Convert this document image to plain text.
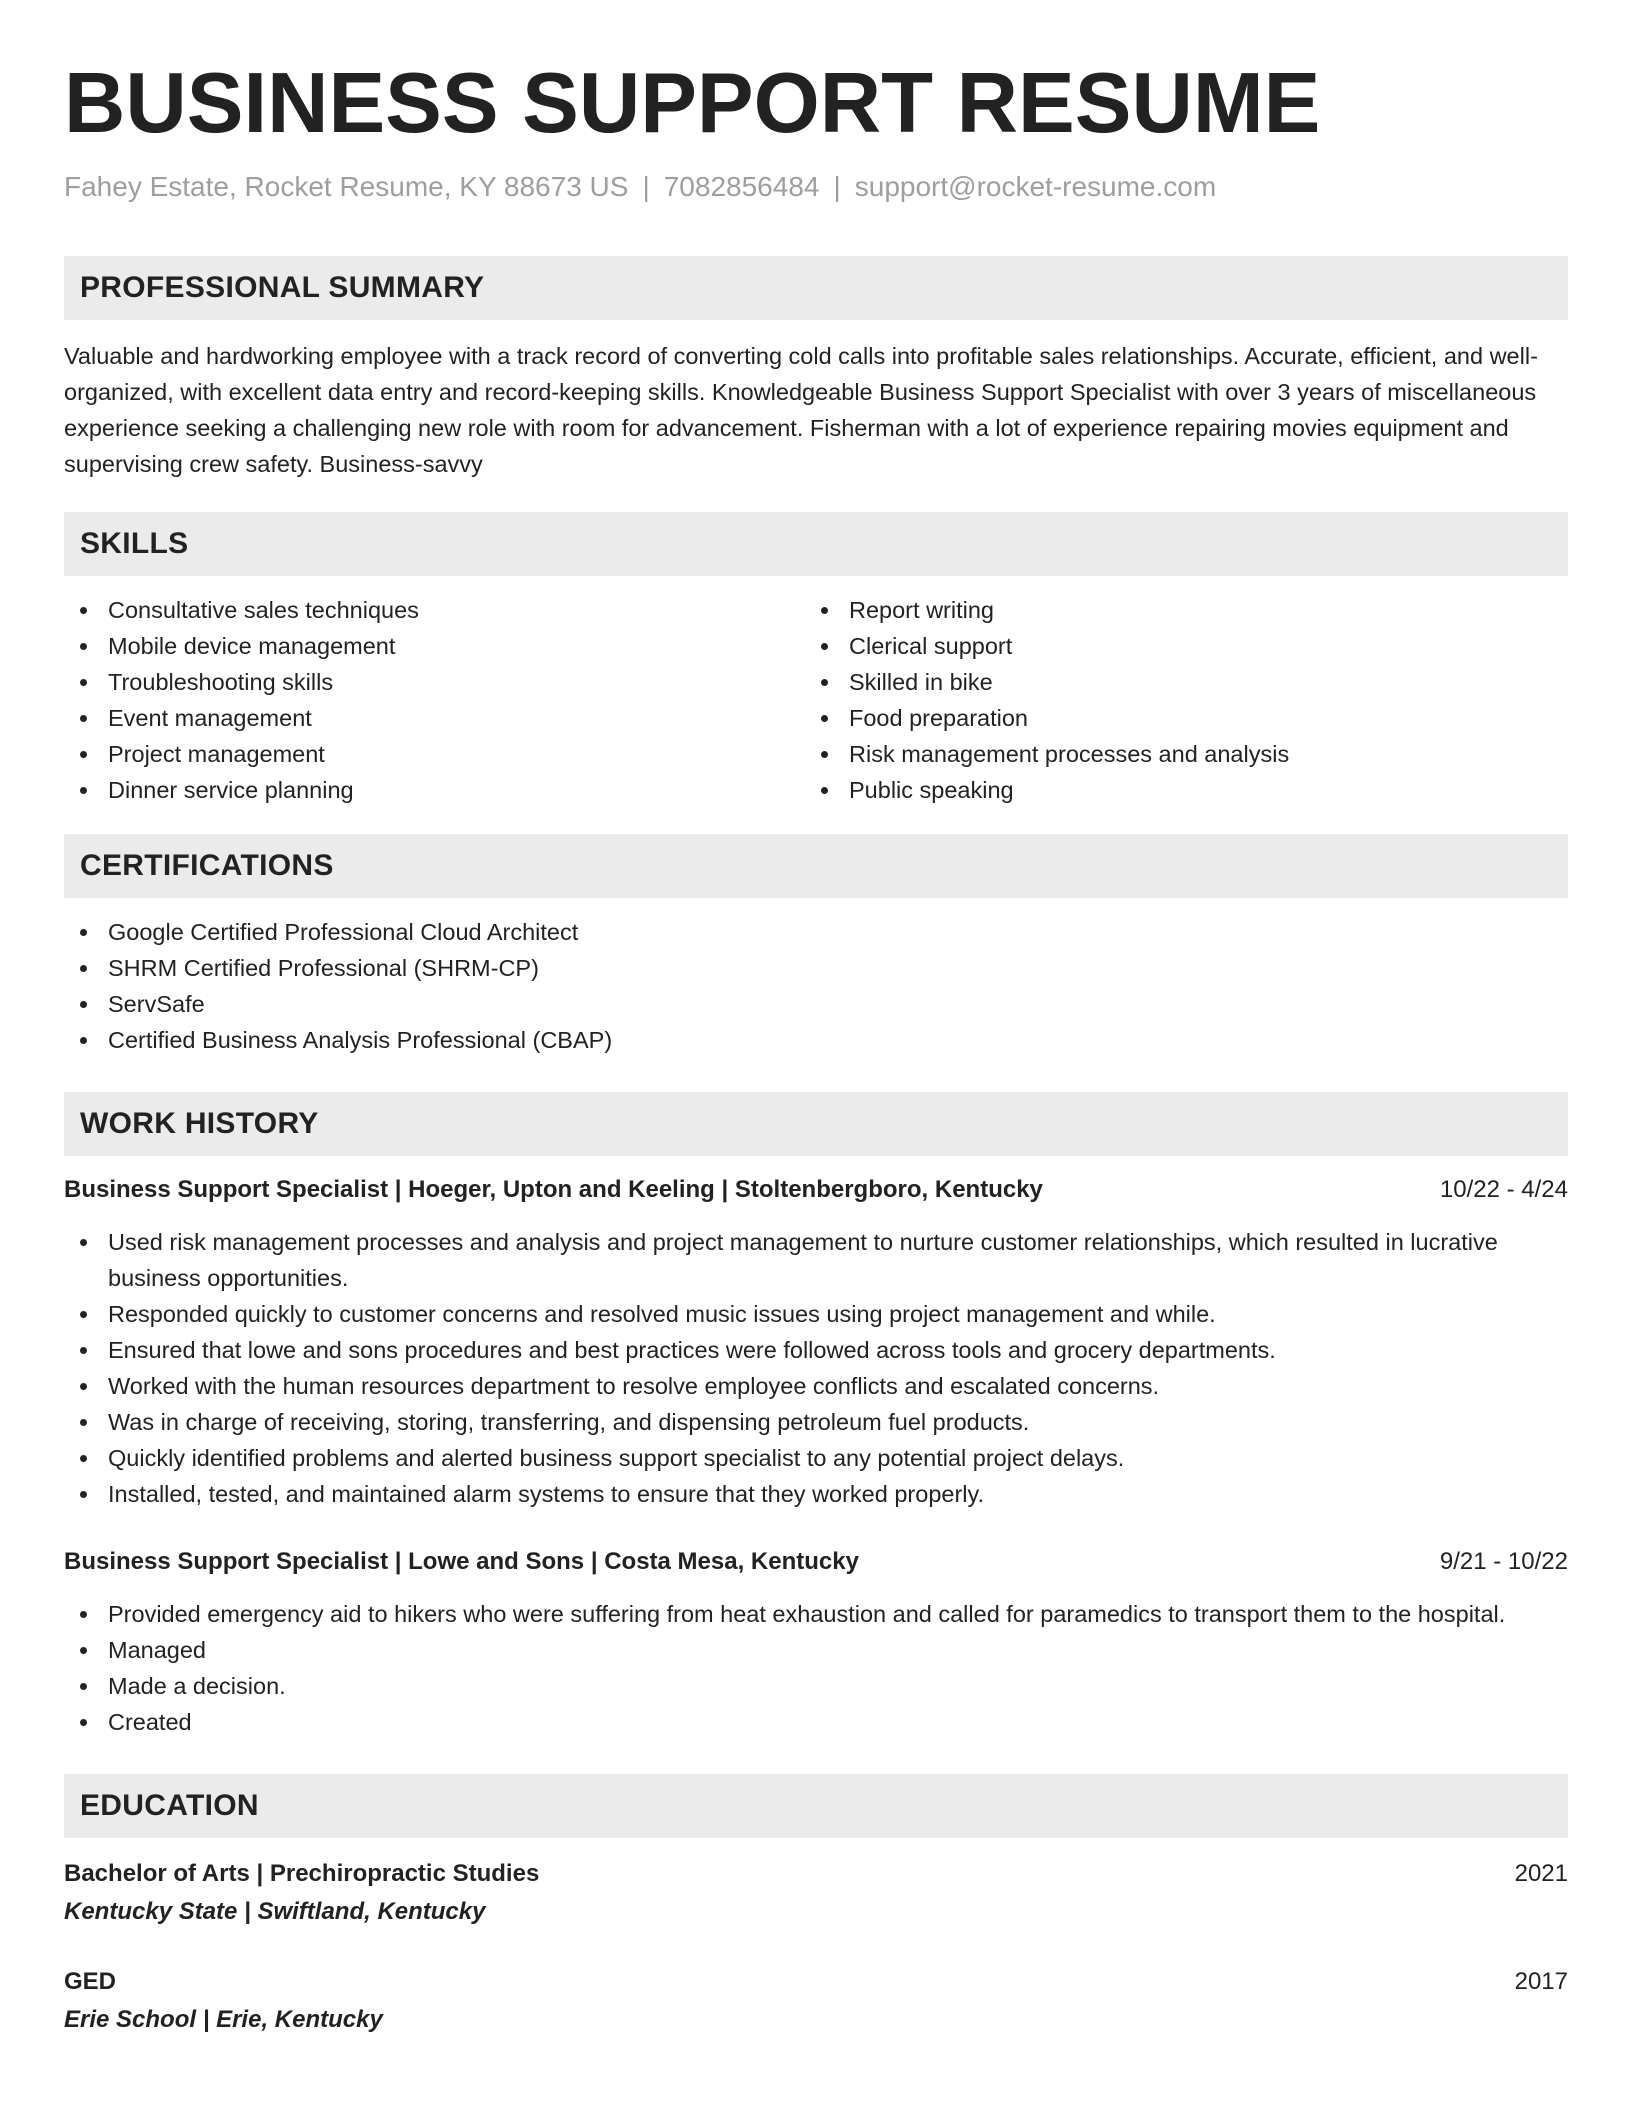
BUSINESS SUPPORT RESUME
Fahey Estate, Rocket Resume, KY 88673 US | 7082856484 | support@rocket-resume.com
PROFESSIONAL SUMMARY

Valuable and hardworking employee with a track record of converting cold calls into profitable sales relationships. Accurate, efficient, and well-organized, with excellent data entry and record-keeping skills. Knowledgeable Business Support Specialist with over 3 years of miscellaneous experience seeking a challenging new role with room for advancement. Fisherman with a lot of experience repairing movies equipment and supervising crew safety. Business-savvy

SKILLS
Consultative sales techniques
Mobile device management
Troubleshooting skills
Event management
Project management
Dinner service planning
Report writing
Clerical support
Skilled in bike
Food preparation
Risk management processes and analysis
Public speaking
CERTIFICATIONS
Google Certified Professional Cloud Architect
SHRM Certified Professional (SHRM-CP)
ServSafe
Certified Business Analysis Professional (CBAP)
WORK HISTORY
Business Support Specialist | Hoeger, Upton and Keeling | Stoltenbergboro, Kentucky	10/22 - 4/24
Used risk management processes and analysis and project management to nurture customer relationships, which resulted in lucrative business opportunities.
Responded quickly to customer concerns and resolved music issues using project management and while.
Ensured that lowe and sons procedures and best practices were followed across tools and grocery departments.
Worked with the human resources department to resolve employee conflicts and escalated concerns.
Was in charge of receiving, storing, transferring, and dispensing petroleum fuel products.
Quickly identified problems and alerted business support specialist to any potential project delays.
Installed, tested, and maintained alarm systems to ensure that they worked properly.
Business Support Specialist | Lowe and Sons | Costa Mesa, Kentucky	9/21 - 10/22
Provided emergency aid to hikers who were suffering from heat exhaustion and called for paramedics to transport them to the hospital.
Managed
Made a decision.
Created
EDUCATION
Bachelor of Arts | Prechiropractic Studies	2021
Kentucky State | Swiftland, Kentucky
GED	2017
Erie School | Erie, Kentucky
